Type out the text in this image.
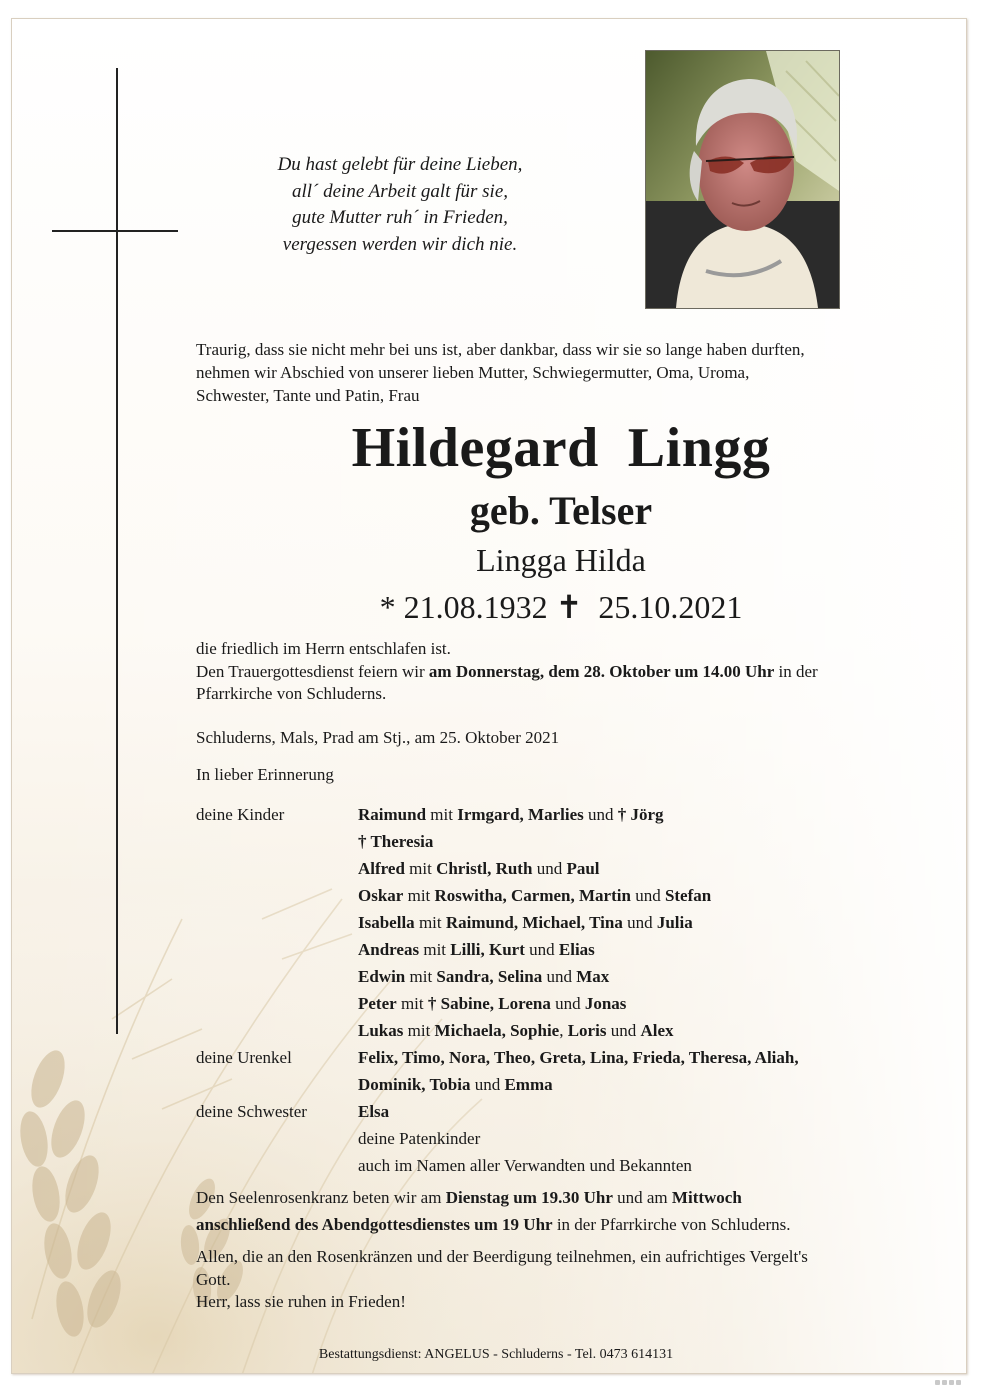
Du hast gelebt für deine Lieben,
all´ deine Arbeit galt für sie,
gute Mutter ruh´ in Frieden,
vergessen werden wir dich nie.
Traurig, dass sie nicht mehr bei uns ist, aber dankbar, dass wir sie so lange haben durften,
nehmen wir Abschied von unserer lieben Mutter, Schwiegermutter, Oma, Uroma,
Schwester, Tante und Patin, Frau
Hildegard  Lingg
geb. Telser
Lingga Hilda
* 21.08.1932 ✝ 25.10.2021
die friedlich im Herrn entschlafen ist.
Den Trauergottesdienst feiern wir am Donnerstag, dem 28. Oktober um 14.00 Uhr in der
Pfarrkirche von Schluderns.
Schluderns, Mals, Prad am Stj., am 25. Oktober 2021
In lieber Erinnerung
deine Kinder	Raimund mit Irmgard, Marlies und † Jörg
† Theresia
Alfred mit Christl, Ruth und Paul
Oskar mit Roswitha, Carmen, Martin und Stefan
Isabella mit Raimund, Michael, Tina und Julia
Andreas mit Lilli, Kurt und Elias
Edwin mit Sandra, Selina und Max
Peter mit † Sabine, Lorena und Jonas
Lukas mit Michaela, Sophie, Loris und Alex
deine Urenkel	Felix, Timo, Nora, Theo, Greta, Lina, Frieda, Theresa, Aliah,
Dominik, Tobia und Emma
deine Schwester	Elsa
deine Patenkinder
auch im Namen aller Verwandten und Bekannten
Den Seelenrosenkranz beten wir am Dienstag um 19.30 Uhr und am Mittwoch
anschließend des Abendgottesdienstes um 19 Uhr in der Pfarrkirche von Schluderns.
Allen, die an den Rosenkränzen und der Beerdigung teilnehmen, ein aufrichtiges Vergelt's
Gott.
Herr, lass sie ruhen in Frieden!
Bestattungsdienst: ANGELUS - Schluderns - Tel. 0473 614131
